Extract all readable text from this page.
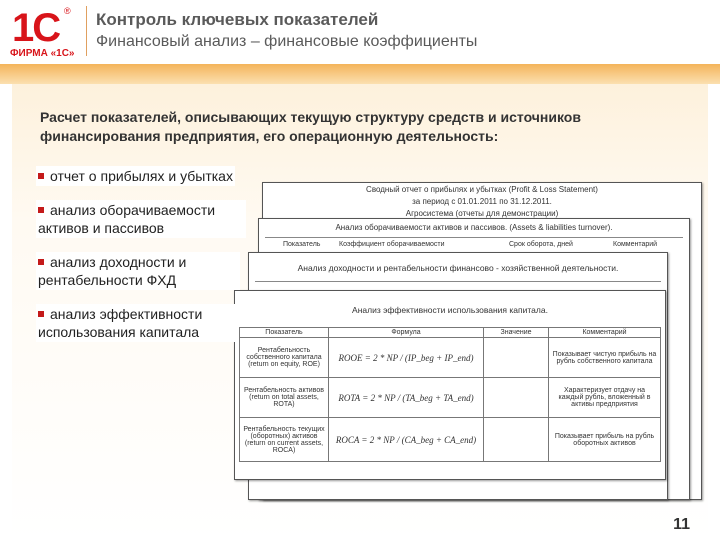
1С ®
ФИРМА «1С»
Контроль ключевых показателей
Финансовый анализ – финансовые коэффициенты
Расчет показателей, описывающих текущую структуру средств и источников финансирования предприятия, его операционную деятельность:
Сводный отчет о прибылях и убытках (Profit & Loss Statement)
за период с 01.01.2011 по 31.12.2011.
Агросистема (отчеты для демонстрации)
Анализ оборачиваемости активов и пассивов. (Assets & liabilities turnover).
Показатель	Коэффициент оборачиваемости	Срок оборота, дней	Комментарий
Анализ доходности и рентабельности финансово - хозяйственной деятельности.
Анализ эффективности использования капитала.
Показатель	Формула	Значение	Комментарий
Рентабельность собственного капитала (return on equity, ROE)	ROOE = 2 * NP / (IP_beg + IP_end)		Показывает чистую прибыль на рубль собственного капитала
Рентабельность активов (return on total assets, ROTA)	ROTA = 2 * NP / (TA_beg + TA_end)		Характеризует отдачу на каждый рубль, вложенный в активы предприятия
Рентабельность текущих (оборотных) активов (return on current assets, ROCA)	ROCA = 2 * NP / (CA_beg + CA_end)		Показывает прибыль на рубль оборотных активов
отчет о прибылях и убытках
анализ оборачиваемости активов и пассивов
анализ доходности и рентабельности ФХД
анализ эффективности использования капитала
11
